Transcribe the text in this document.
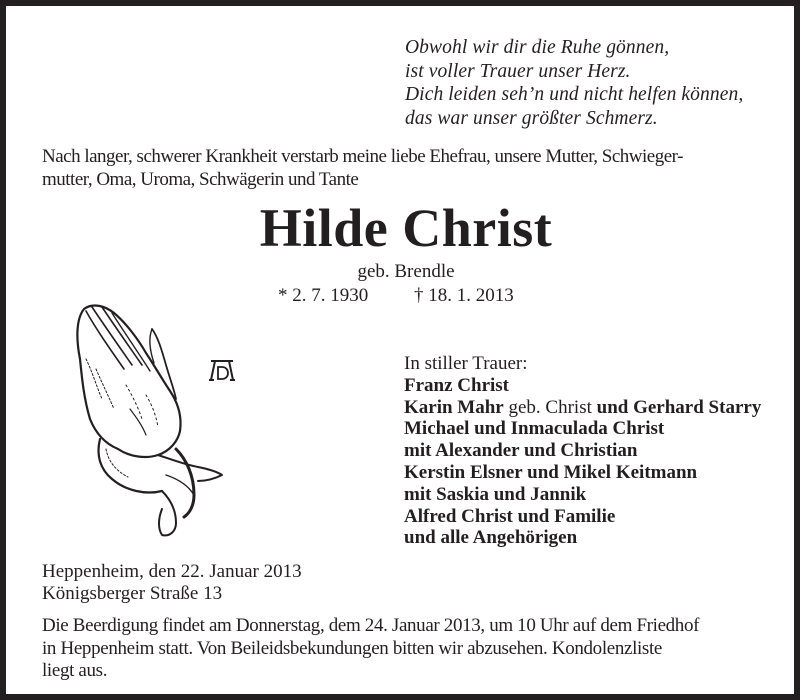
Obwohl wir dir die Ruhe gönnen,
ist voller Trauer unser Herz.
Dich leiden seh’n und nicht helfen können,
das war unser größter Schmerz.
Nach langer, schwerer Krankheit verstarb meine liebe Ehefrau, unsere Mutter, Schwieger-
mutter, Oma, Uroma, Schwägerin und Tante
Hilde Christ
geb. Brendle
* 2. 7. 1930 † 18. 1. 2013
In stiller Trauer:
Franz Christ
Karin Mahr geb. Christ und Gerhard Starry
Michael und Inmaculada Christ
mit Alexander und Christian
Kerstin Elsner und Mikel Keitmann
mit Saskia und Jannik
Alfred Christ und Familie
und alle Angehörigen
Heppenheim, den 22. Januar 2013
Königsberger Straße 13
Die Beerdigung findet am Donnerstag, dem 24. Januar 2013, um 10 Uhr auf dem Friedhof
in Heppenheim statt. Von Beileidsbekundungen bitten wir abzusehen. Kondolenzliste
liegt aus.
